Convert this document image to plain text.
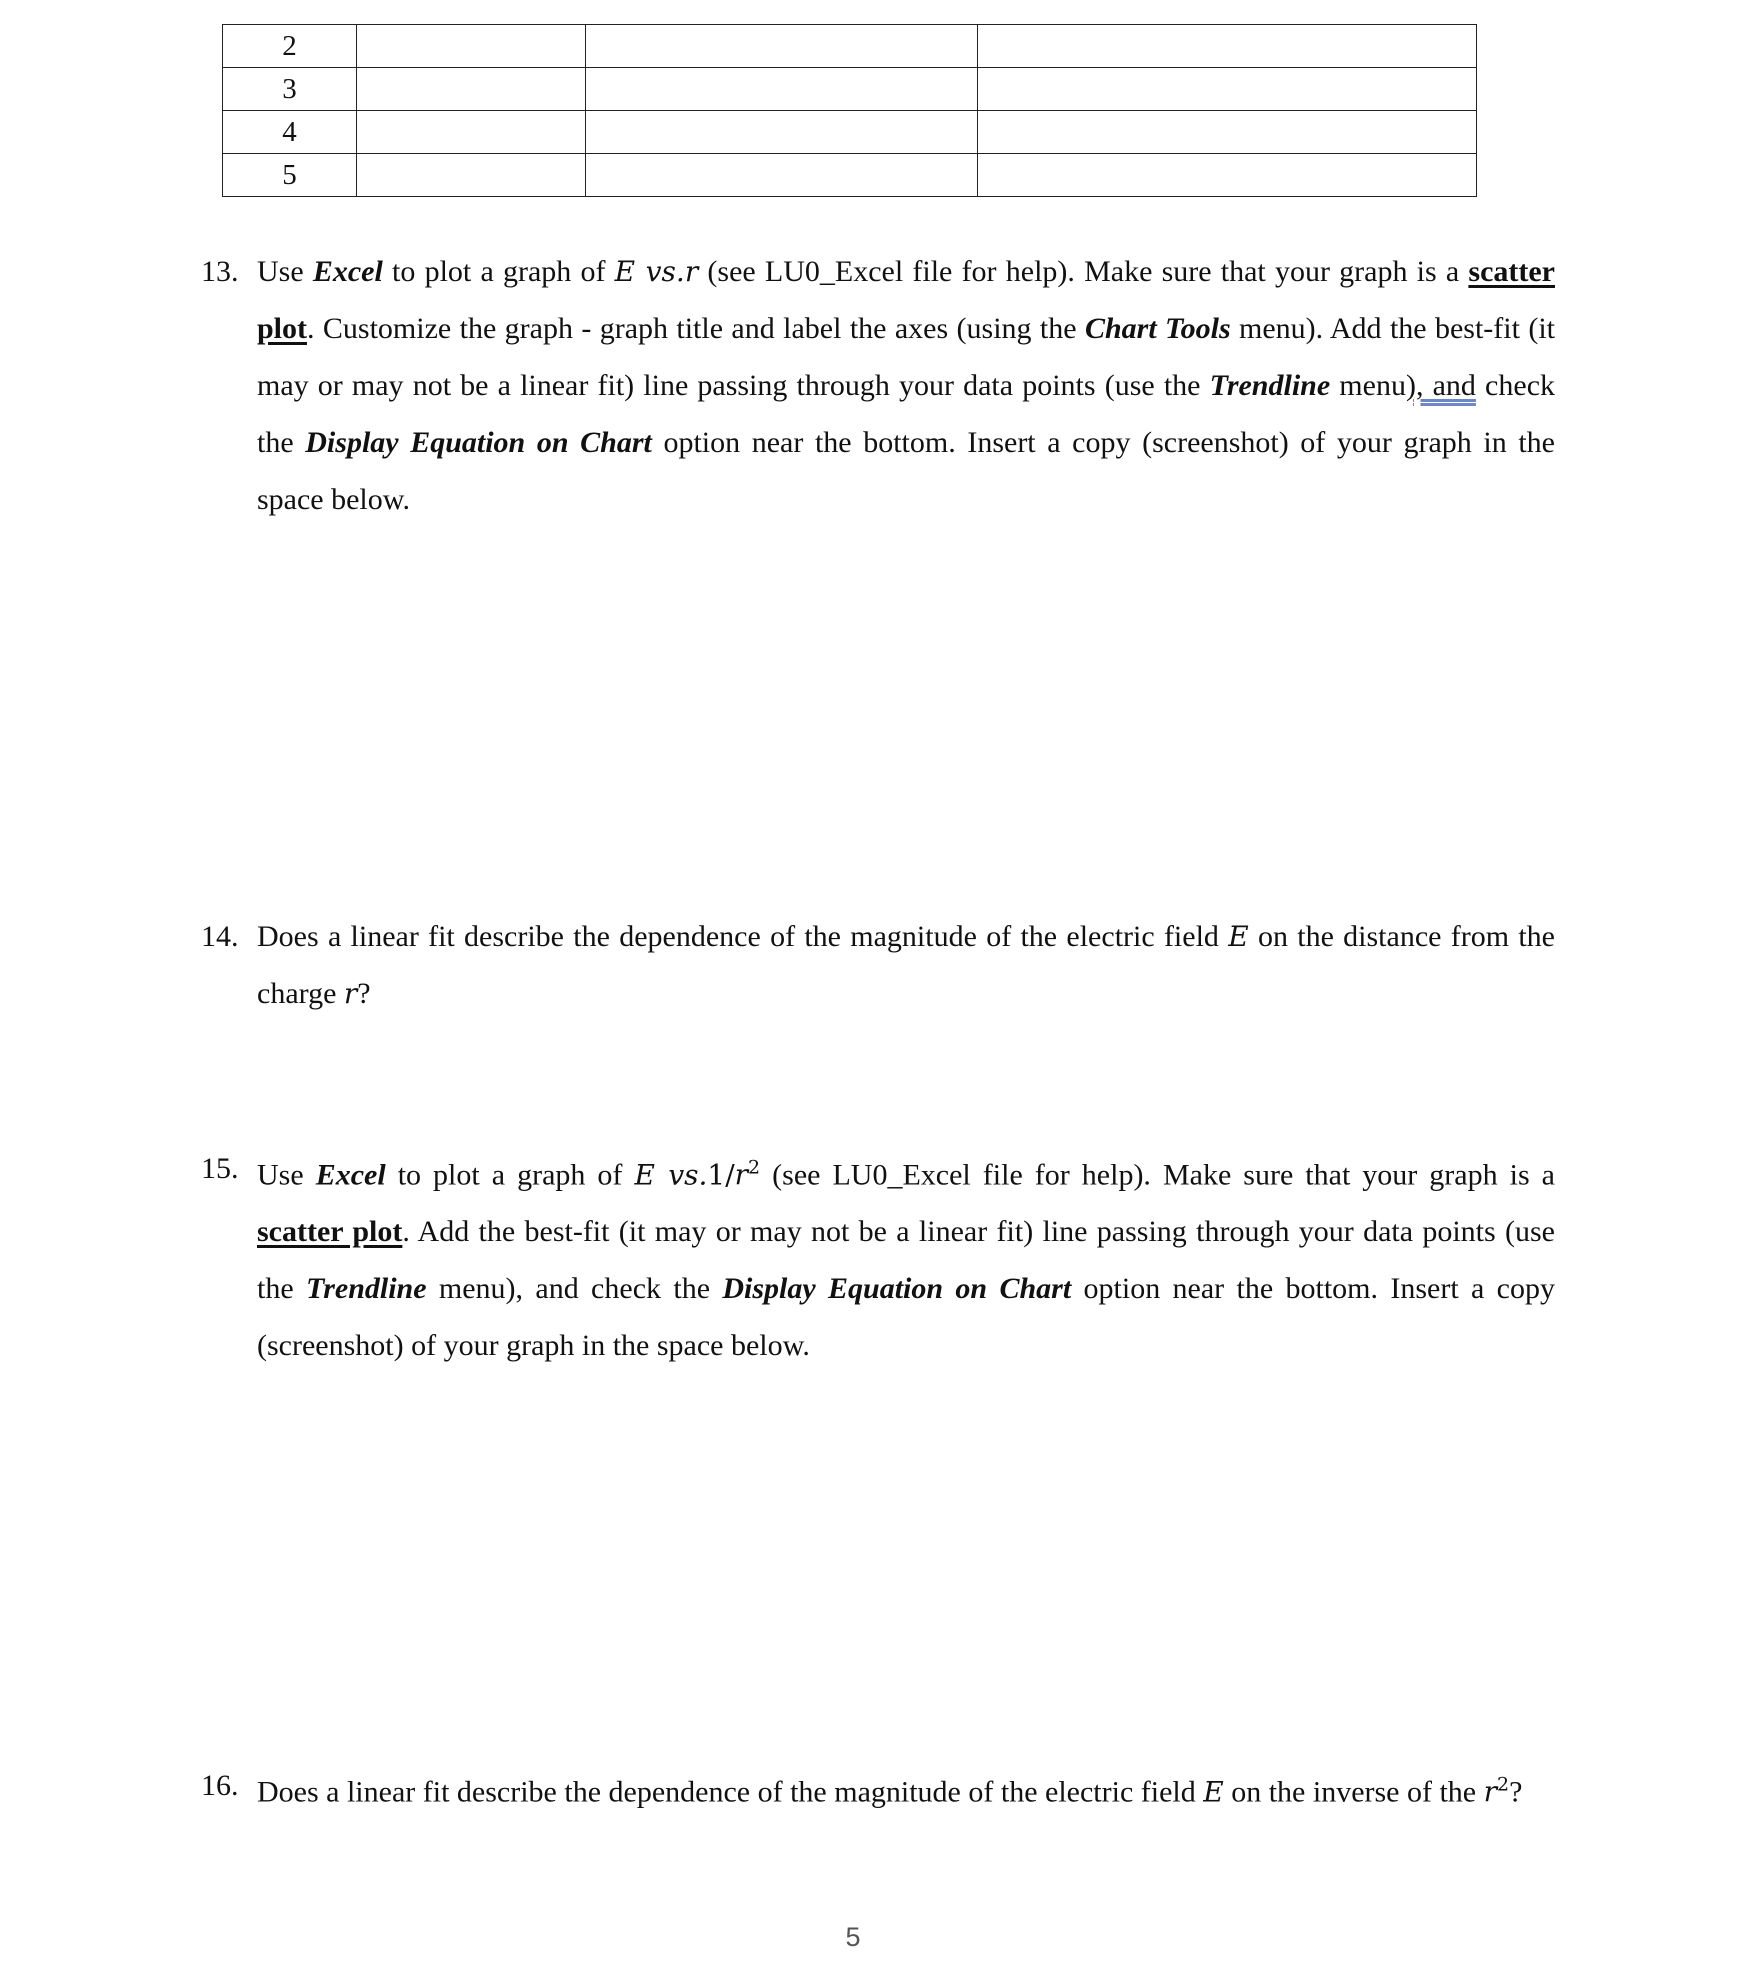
2			
3			
4			
5			
13. Use Excel to plot a graph of E vs.r (see LU0_Excel file for help). Make sure that your graph is a scatter plot. Customize the graph - graph title and label the axes (using the Chart Tools menu). Add the best-fit (it may or may not be a linear fit) line passing through your data points (use the Trendline menu), and check the Display Equation on Chart option near the bottom. Insert a copy (screenshot) of your graph in the space below.
14. Does a linear fit describe the dependence of the magnitude of the electric field E on the distance from the charge r?
15. Use Excel to plot a graph of E $vs.1/r^2$ (see LU0_Excel file for help). Make sure that your graph is a scatter plot. Add the best-fit (it may or may not be a linear fit) line passing through your data points (use the Trendline menu), and check the Display Equation on Chart option near the bottom. Insert a copy (screenshot) of your graph in the space below.
16. Does a linear fit describe the dependence of the magnitude of the electric field E on the inverse of the $r^2$?
5
